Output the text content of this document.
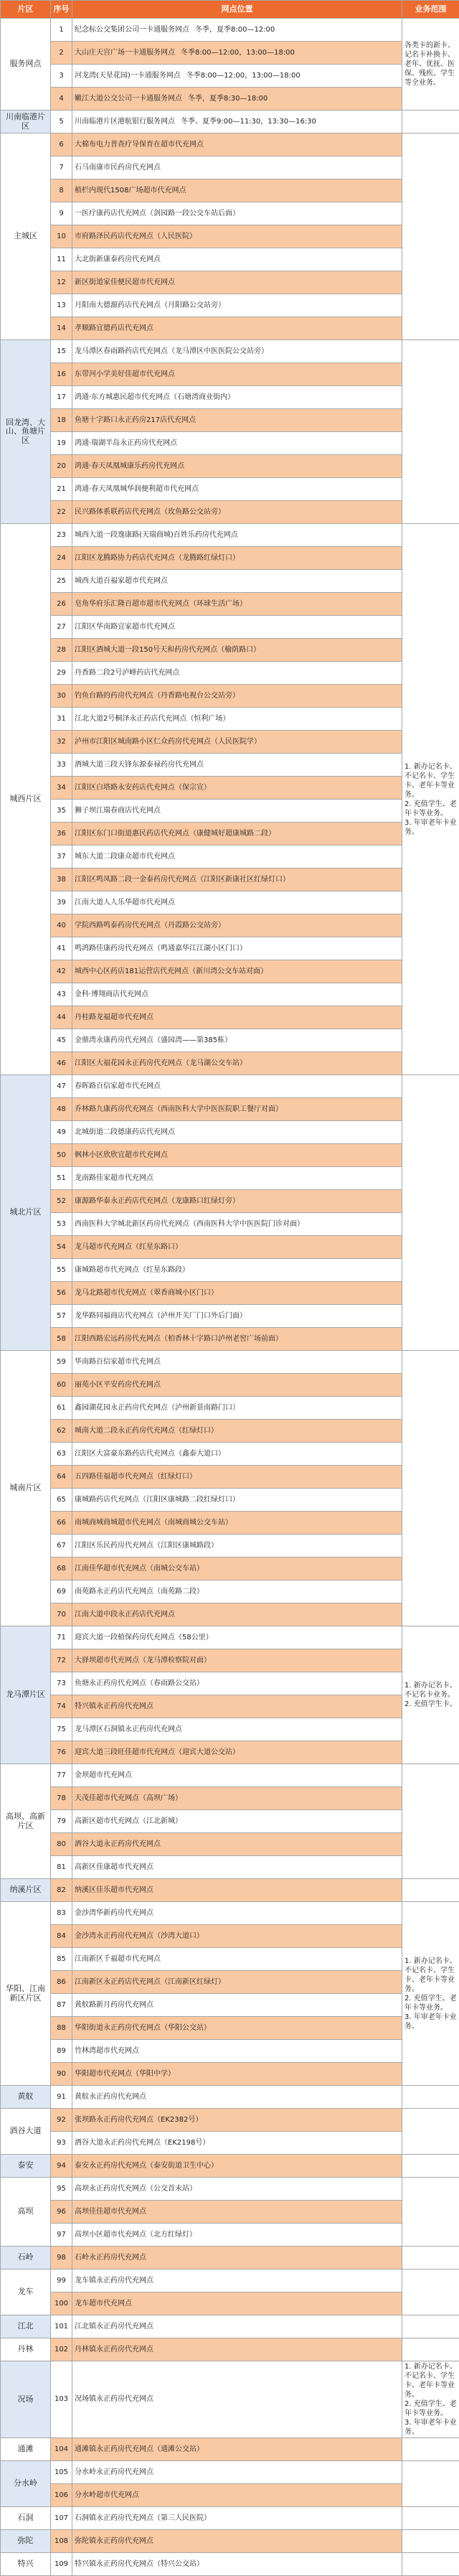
片区	序号	网点位置	业务范围
服务网点	1	纪念标公交集团公司一卡通服务网点 冬季，夏季8:00—12:00	各类卡的新卡、记名卡补换卡、老年、优抚、医保、残疾、学生等全业务。
	2	大山庄天宫广场一卡通服务网点 冬季8:00—12:00，13:00—18:00	
	3	河龙湾(天星花园)一卡通服务网点 冬季8:00—12:00，13:00—18:00	
	4	嫩江大道公交公司一卡通服务网点 冬季，夏季8:30—18:00	
川南临港片区	5	川南临港片区港航银行服务网点 冬季、夏季9:00—11:30，13:30—16:30	
主城区	6	大棉布电力普查疗导保育在超市代充网点	
	7	石马南康市民药房代充网点	
	8	植栏内现代1508广场超市代充网点	
	9	一医疗康药店代充网点（剑园路一段公交车站后面）	
	10	市府路泽民药店代充网点（人民医院）	
	11	大北街新康泰药房代充网点	
	12	新区街道家佳便民超市代充网点	
	13	月阳南大德源药店代充网点（月阳路公交站旁）	
	14	孝顺路宜德药店代充网点	
回龙湾、大山、鱼塘片区	15	龙马潭区春雨路药店代充网点（龙马潭区中医医院公交站旁）	
	16	东带河小学美好佳超市代充网点	
	17	鸿通·东方城惠民超市代充网点（石塘湾商业街内）	
	18	鱼塘十字路口永正药房217店代充网点	
	19	鸿通·瑞湖半岛永正药房代充网点	
	20	鸿通·春天凤凰城康乐药房代充网点	
	21	鸿通·春天凤凰城华润便利超市代充网点	
	22	民兴路体系联药店代充网点（玫鱼路公交站旁）	
城西片区	23	城西大道一段逸康路(天瑞商城)百姓乐药房代充网点	1. 新办记名卡、不记名卡、学生卡、老年卡等业务。
2. 充值学生、老年卡等业务。
3. 年审老年卡业务。
	24	江阳区龙腾路协力药店代充网点（龙腾路红绿灯口）	
	25	城西大道百福家超市代充网点	
	26	皂角华府乐汇隆百超市超市代充网点（环球生活广场）	
	27	江阳区华南路宜家超市代充网点	
	28	江阳区酒城大道一段150号天和药房代充网点（榆荫路口）	
	29	丹香路二段2号泸峰药店代充网点	
	30	钓鱼台路的药房代充网点（丹香路电视台公交站旁）	
	31	江北大道2号桐泽永正药店代充网点（恒利广场）	
	32	泸州市江阳区城南路小区仁众药房代充网点（人民医院学）	
	33	酒城大道三段天锋东源泰禄药房代充网点	
	34	江阳区白塔路永安药店代充网点（保宗宣）	
	35	狮子坝江瑞春商店代充网点	
	36	江阳区东门口街道惠民药店代充网点（康健城好超康城路二段）	
	37	城东大道二段康众超市代充网点	
	38	江阳区鸣凤路二段一金泰药房代充网点（江阳区新康社区红绿灯口）	
	39	江南大道人人乐华超市代充网点	
	40	学院西路鸣泰药房代充网点（丹霞路公交站旁）	
	41	鸣鸿路佳康药房代充网点（鸣通嘉华江江湖小区门口）	
	42	城西中心区药店181运营店代充网点（新川湾公交车站对面）	
	43	金科·博翔商店代充网点	
	44	丹桂路龙福超市代充网点	
	45	金鼎湾永康药房代充网点（盛园湾——第385栋）	
	46	江阳区大福花园永正药房代充网点（龙马湖公交车站）	
城北片区	47	春晖路百信家超市代充网点	
	48	乔林路九康药房代充网点（西南医科大学中医医院职工餐厅对面）	
	49	北城街道二段德康药店代充网点	
	50	枫林小区欣欣宜超市代充网点	
	51	龙南路佳家超市代充网点	
	52	康源路华泰永正药店代充网点（龙康路口红绿灯旁）	
	53	西南医科大学城北新区药房代充网点（西南医科大学中医医院门诊对面）	
	54	龙马超市代充网点（红星东路口）	
	55	康城路超市代充网点（红星东路段）	
	56	龙马北路超市代充网点（翠香商城小区门口）	
	57	龙华路同福商店代充网点（泸州开关厂门口外后门面）	
	58	江阳西路宏远药房代充网点（柏香林十字路口泸州老窖广场前面）	
城南片区	59	华南路百信家超市代充网点	
	60	丽苑小区平安药房代充网点	
	61	鑫园湖花园永正药房代充网点（泸州新景南路门口）	
	62	城南大道二段永正药房代充网点（红绿灯口）	
	63	江阳区大富豪东路药店代充网点（鑫泰大道口）	
	64	五四路佳福超市代充网点（红绿灯口）	
	65	康城路药店代充网点（江阳区康城路二段红绿灯口）	
	66	南城商城商城超市代充网点（南城商城公交车站）	
	67	江阳区乐民药房代充网点（江阳区康城路段）	
	68	江南佳华超市代充网点（南城公交车站）	
	69	南苑路永正药店代充网点（南苑路二段）	
	70	江南大道中段永正药店代充网点	
龙马潭片区	71	迎宾大道一段植保药房代充网点（58公里）	1. 新办记名卡、不记名卡业务。
2. 充值学生卡。
	72	大驿坝超市代充网点（龙马潭检察院对面）	
	73	鱼塘永正药房代充网点（春雨路公交站）	
	74	特兴镇永正药房代充网点	
	75	龙马潭区石洞镇永正药房代充网点	
	76	迎宾大道三段旺佳超市代充网点（迎宾大道公交站）	
高坝、高新片区	77	金坝超市代充网点	
	78	天茂佳超市代充网点（高坝广场）	
	79	高新区超市代充网点（江北新城）	
	80	酒谷大道永正药房代充网点	
	81	高新区佳康超市代充网点	
纳溪片区	82	纳溪区佳乐超市代充网点	
华阳、江南新区片区	83	金沙湾华新药房代充网点	1. 新办记名卡、不记名卡、学生卡、老年卡等业务。
2. 充值学生、老年卡等业务。
3. 年审老年卡业务。
	84	金沙湾永正药房代充网点（沙湾大道口）	
	85	江南新区千福超市代充网点	
	86	江南新区永正药店代充网点（江南新区红绿灯）	
	87	黄舣路新月药房代充网点	
	88	华阳街道永正药房代充网点（华阳公交站）	
	89	竹林湾超市代充网点	
	90	华阳超市代充网点（华阳中学）	
黄舣	91	黄舣永正药房代充网点	
酒谷大道	92	张坝路永正药房代充网点（EK2382号）	
	93	酒谷大道永正药房代充网点（EK2198号）	
泰安	94	泰安永正药房代充网点（泰安街道卫生中心）	
高坝	95	高坝永正药房代充网点（公交首末站）	
	96	高坝佳佳超市代充网点	
	97	高坝小区超市代充网点（北方红绿灯）	
石岭	98	石岭永正药房代充网点	
龙车	99	龙车镇永正药房代充网点	
	100	龙车超市代充网点	
江北	101	江北镇永正药房代充网点	
丹林	102	丹林镇永正药房代充网点	
况场	103	况场镇永正药房代充网点	1. 新办记名卡、不记名卡、学生卡、老年卡等业务。
2. 充值学生、老年卡等业务。
3. 年审老年卡业务。
通滩	104	通滩镇永正药房代充网点（通滩公交站）	
分水岭	105	分水岭永正药房代充网点	
	106	分水岭超市代充网点	
石洞	107	石洞镇永正药房代充网点（第三人民医院）	
弥陀	108	弥陀镇永正药房代充网点	
特兴	109	特兴镇永正药房代充网点（特兴公交站）	
